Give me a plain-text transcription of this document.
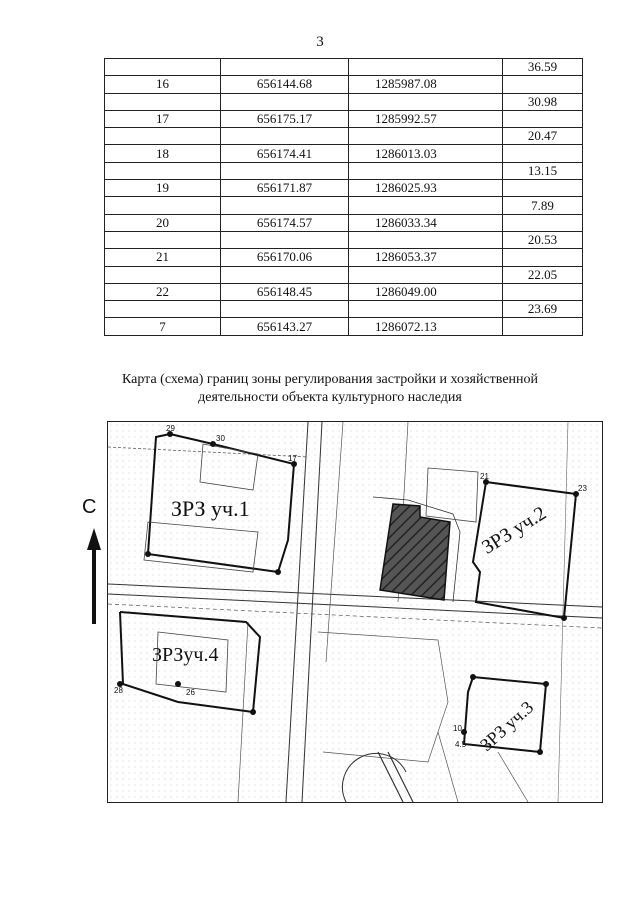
3
			36.59
16	656144.68	1285987.08	
			30.98
17	656175.17	1285992.57	
			20.47
18	656174.41	1286013.03	
			13.15
19	656171.87	1286025.93	
			7.89
20	656174.57	1286033.34	
			20.53
21	656170.06	1286053.37	
			22.05
22	656148.45	1286049.00	
			23.69
7	656143.27	1286072.13	
Карта (схема) границ зоны регулирования застройки и хозяйственной
деятельности объекта культурного наследия
С	ЗРЗ уч.1	ЗРЗ уч.2
ЗРЗуч.4
ЗРЗ уч.3
29
30
17
21
23
28	26
10
4.5
